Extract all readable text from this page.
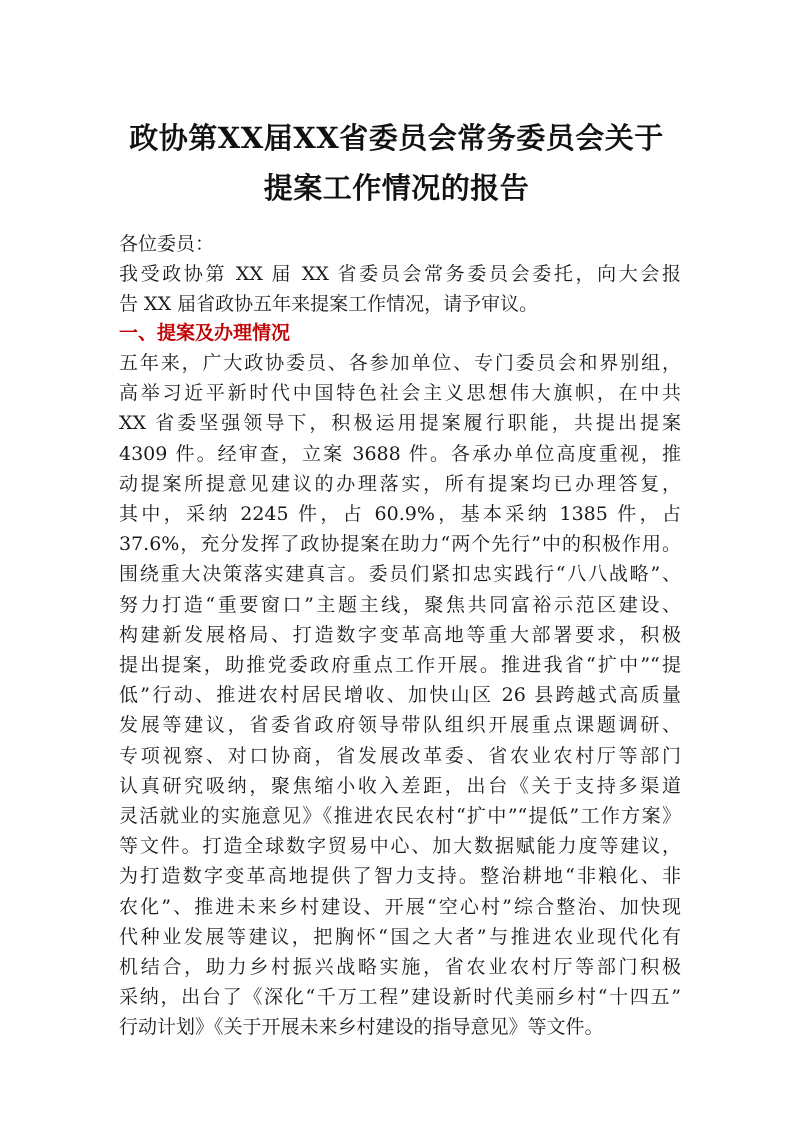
政协第XX届XX省委员会常务委员会关于
提案工作情况的报告
各位委员：
我受政协第 XX 届 XX 省委员会常务委员会委托，向大会报
告 XX 届省政协五年来提案工作情况，请予审议。
一、提案及办理情况
五年来，广大政协委员、各参加单位、专门委员会和界别组，
高举习近平新时代中国特色社会主义思想伟大旗帜，在中共
XX 省委坚强领导下，积极运用提案履行职能，共提出提案
4309 件。经审查，立案 3688 件。各承办单位高度重视，推
动提案所提意见建议的办理落实，所有提案均已办理答复，
其中，采纳 2245 件，占 60.9%，基本采纳 1385 件，占
37.6%，充分发挥了政协提案在助力“两个先行”中的积极作用。
围绕重大决策落实建真言。委员们紧扣忠实践行“八八战略”、
努力打造“重要窗口”主题主线，聚焦共同富裕示范区建设、
构建新发展格局、打造数字变革高地等重大部署要求，积极
提出提案，助推党委政府重点工作开展。推进我省“扩中”“提
低”行动、推进农村居民增收、加快山区 26 县跨越式高质量
发展等建议，省委省政府领导带队组织开展重点课题调研、
专项视察、对口协商，省发展改革委、省农业农村厅等部门
认真研究吸纳，聚焦缩小收入差距，出台《关于支持多渠道
灵活就业的实施意见》《推进农民农村“扩中”“提低”工作方案》
等文件。打造全球数字贸易中心、加大数据赋能力度等建议，
为打造数字变革高地提供了智力支持。整治耕地“非粮化、非
农化”、推进未来乡村建设、开展“空心村”综合整治、加快现
代种业发展等建议，把胸怀“国之大者”与推进农业现代化有
机结合，助力乡村振兴战略实施，省农业农村厅等部门积极
采纳，出台了《深化“千万工程”建设新时代美丽乡村“十四五”
行动计划》《关于开展未来乡村建设的指导意见》等文件。
